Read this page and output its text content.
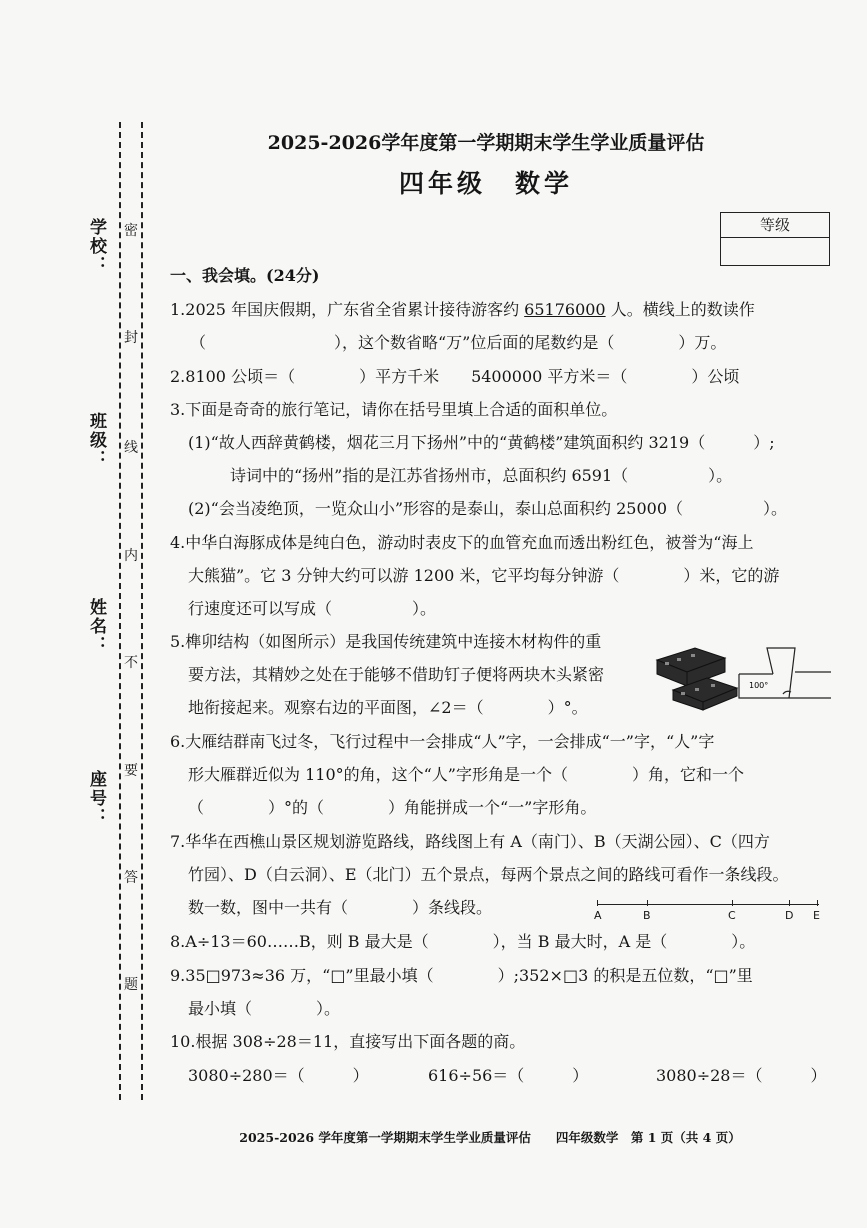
学校：
班级：
姓名：
座号：
密
封
线
内
不
要
答
题
2025-2026学年度第一学期期末学生学业质量评估
四年级　数学
等级
一、我会填。(24分)
1.2025 年国庆假期，广东省全省累计接待游客约 65176000 人。横线上的数读作
（　　　　　　　　），这个数省略“万”位后面的尾数约是（　　　　）万。
2.8100 公顷＝（　　　　）平方千米　　5400000 平方米＝（　　　　）公顷
3.下面是奇奇的旅行笔记，请你在括号里填上合适的面积单位。
(1)“故人西辞黄鹤楼，烟花三月下扬州”中的“黄鹤楼”建筑面积约 3219（　　　）;
诗词中的“扬州”指的是江苏省扬州市，总面积约 6591（　　　　　）。
(2)“会当凌绝顶，一览众山小”形容的是泰山，泰山总面积约 25000（　　　　　）。
4.中华白海豚成体是纯白色，游动时表皮下的血管充血而透出粉红色，被誉为“海上
大熊猫”。它 3 分钟大约可以游 1200 米，它平均每分钟游（　　　　）米，它的游
行速度还可以写成（　　　　　）。
5.榫卯结构（如图所示）是我国传统建筑中连接木材构件的重
要方法，其精妙之处在于能够不借助钉子便将两块木头紧密
地衔接起来。观察右边的平面图，∠2＝（　　　　）°。
100°
6.大雁结群南飞过冬，飞行过程中一会排成“人”字，一会排成“一”字，“人”字
形大雁群近似为 110°的角，这个“人”字形角是一个（　　　　）角，它和一个
（　　　　）°的（　　　　）角能拼成一个“一”字形角。
7.华华在西樵山景区规划游览路线，路线图上有 A（南门）、B（天湖公园）、C（四方
竹园）、D（白云洞）、E（北门）五个景点，每两个景点之间的路线可看作一条线段。
数一数，图中一共有（　　　　）条线段。	A	B	C	D E
8.A÷13＝60……B，则 B 最大是（　　　　），当 B 最大时，A 是（　　　　）。
9.35□973≈36 万，“□”里最小填（　　　　）;352×□3 的积是五位数，“□”里
最小填（　　　　）。
10.根据 308÷28＝11，直接写出下面各题的商。
3080÷280＝（　　　）	616÷56＝（　　　）	3080÷28＝（　　　）
2025-2026 学年度第一学期期末学生学业质量评估　　四年级数学　第 1 页（共 4 页）
